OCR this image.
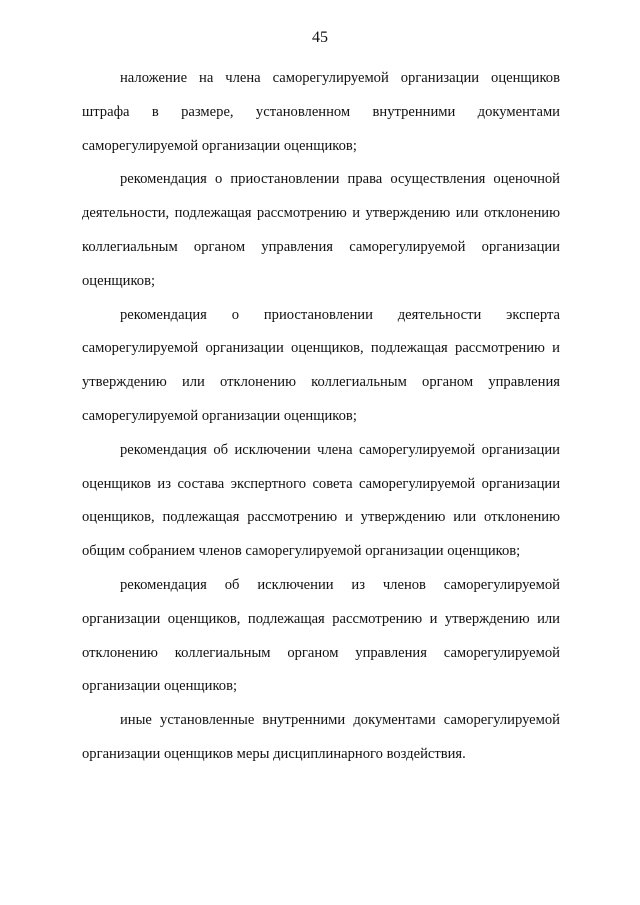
45

наложение на члена саморегулируемой организации оценщиков штрафа в размере, установленном внутренними документами саморегулируемой организации оценщиков;

рекомендация о приостановлении права осуществления оценочной деятельности, подлежащая рассмотрению и утверждению или отклонению коллегиальным органом управления саморегулируемой организации оценщиков;

рекомендация о приостановлении деятельности эксперта саморегулируемой организации оценщиков, подлежащая рассмотрению и утверждению или отклонению коллегиальным органом управления саморегулируемой организации оценщиков;

рекомендация об исключении члена саморегулируемой организации оценщиков из состава экспертного совета саморегулируемой организации оценщиков, подлежащая рассмотрению и утверждению или отклонению общим собранием членов саморегулируемой организации оценщиков;

рекомендация об исключении из членов саморегулируемой организации оценщиков, подлежащая рассмотрению и утверждению или отклонению коллегиальным органом управления саморегулируемой организации оценщиков;

иные установленные внутренними документами саморегулируемой организации оценщиков меры дисциплинарного воздействия.
